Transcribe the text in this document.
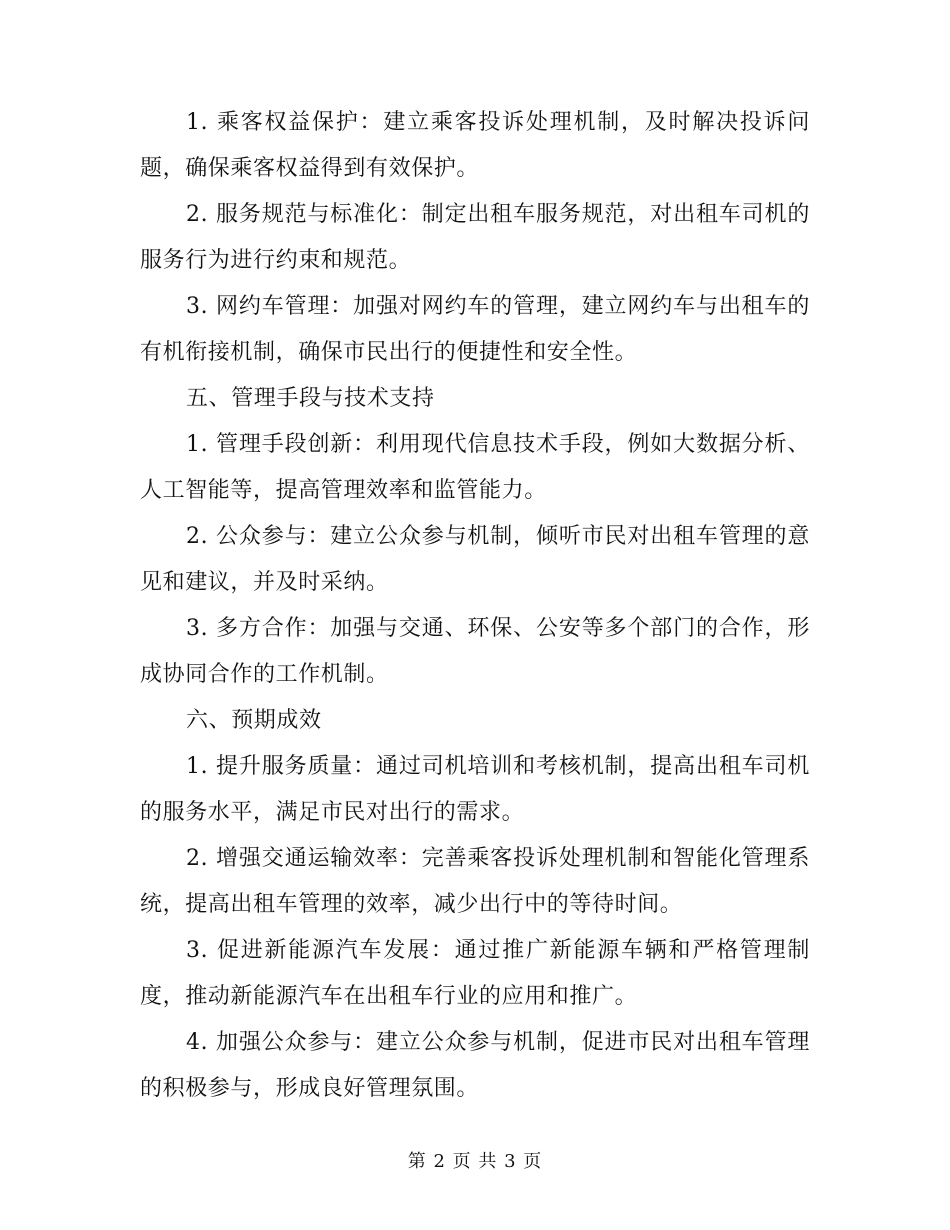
1. 乘客权益保护：建立乘客投诉处理机制，及时解决投诉问题，确保乘客权益得到有效保护。

2. 服务规范与标准化：制定出租车服务规范，对出租车司机的服务行为进行约束和规范。

3. 网约车管理：加强对网约车的管理，建立网约车与出租车的有机衔接机制，确保市民出行的便捷性和安全性。

五、管理手段与技术支持

1. 管理手段创新：利用现代信息技术手段，例如大数据分析、人工智能等，提高管理效率和监管能力。

2. 公众参与：建立公众参与机制，倾听市民对出租车管理的意见和建议，并及时采纳。

3. 多方合作：加强与交通、环保、公安等多个部门的合作，形成协同合作的工作机制。

六、预期成效

1. 提升服务质量：通过司机培训和考核机制，提高出租车司机的服务水平，满足市民对出行的需求。

2. 增强交通运输效率：完善乘客投诉处理机制和智能化管理系统，提高出租车管理的效率，减少出行中的等待时间。

3. 促进新能源汽车发展：通过推广新能源车辆和严格管理制度，推动新能源汽车在出租车行业的应用和推广。

4. 加强公众参与：建立公众参与机制，促进市民对出租车管理的积极参与，形成良好管理氛围。

第 2 页 共 3 页
